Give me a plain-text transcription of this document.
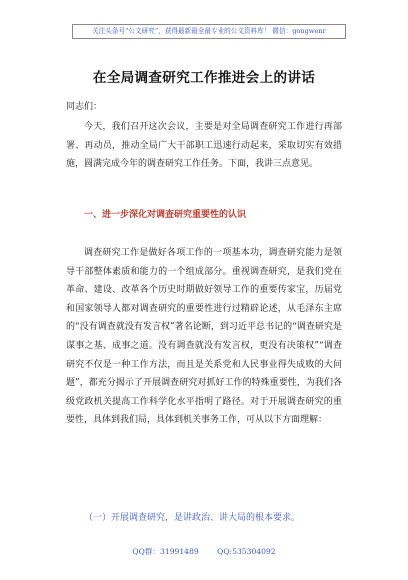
关注头条号“公文研究”，获得最新最全最专业的公文资料库！ 微信：gongwenr
在全局调查研究工作推进会上的讲话
同志们：
今天，我们召开这次会议，主要是对全局调查研究工作进行再部署、再动员，推动全局广大干部职工迅速行动起来，采取切实有效措施，圆满完成今年的调查研究工作任务。下面，我讲三点意见。
一、进一步深化对调查研究重要性的认识
调查研究工作是做好各项工作的一项基本功，调查研究能力是领导干部整体素质和能力的一个组成部分。重视调查研究，是我们党在革命、建设、改革各个历史时期做好领导工作的重要传家宝，历届党和国家领导人都对调查研究的重要性进行过精辟论述，从毛泽东主席的“没有调查就没有发言权”著名论断，到习近平总书记的“调查研究是谋事之基、成事之道。没有调查就没有发言权，更没有决策权”“调查研究不仅是一种工作方法，而且是关系党和人民事业得失成败的大问题”，都充分揭示了开展调查研究对抓好工作的特殊重要性，为我们各级党政机关提高工作科学化水平指明了路径。对于开展调查研究的重要性，具体到我们局，具体到机关事务工作，可从以下方面理解：
（一）开展调查研究，是讲政治、讲大局的根本要求。
QQ群：31991489 QQ:535304092
